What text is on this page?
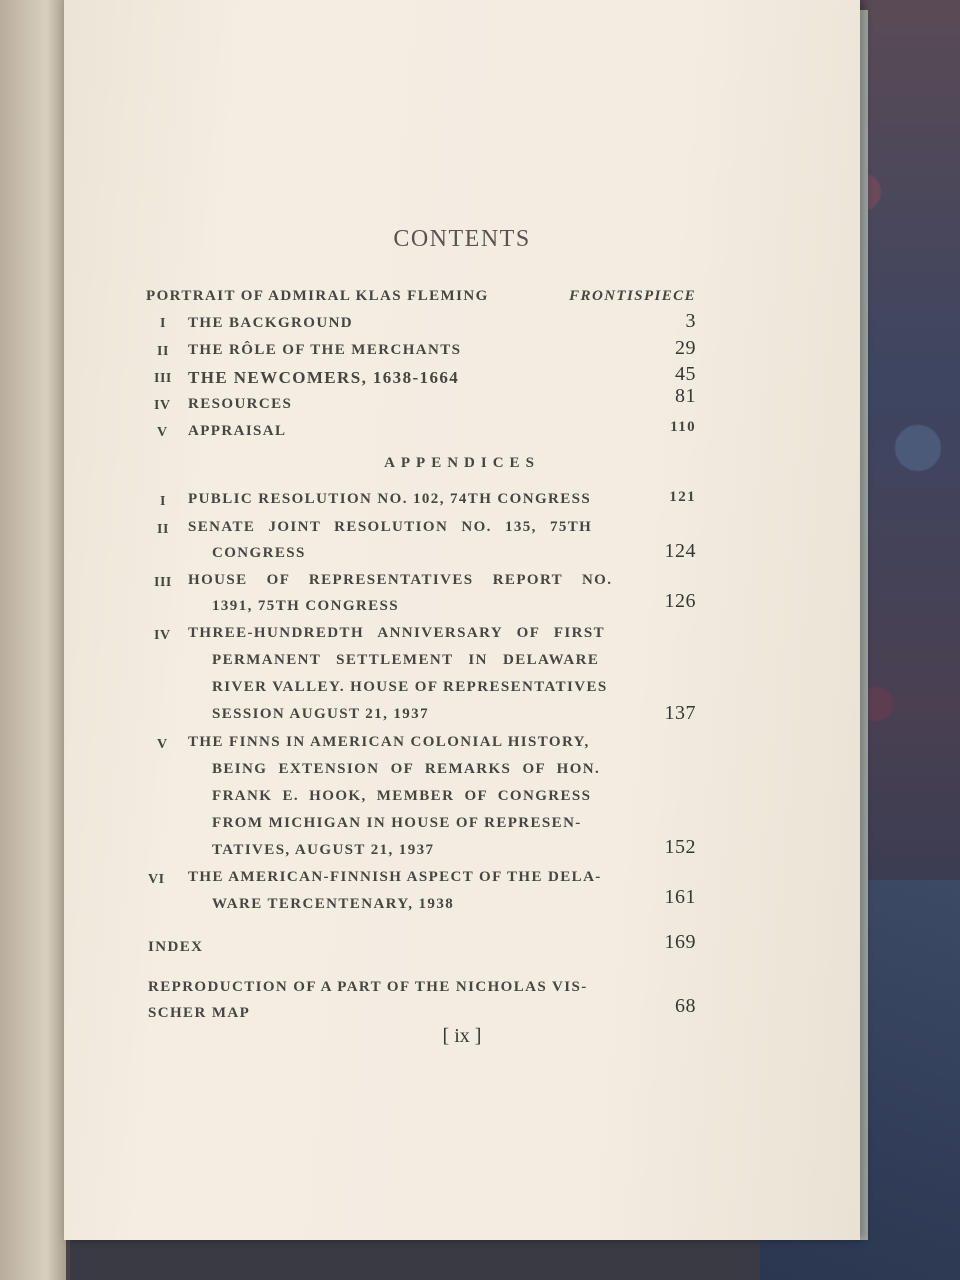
CONTENTS
PORTRAIT OF ADMIRAL KLAS FLEMING	FRONTISPIECE
I THE BACKGROUND	3
II THE RÔLE OF THE MERCHANTS	29
III THE NEWCOMERS, 1638-1664	45
IV RESOURCES	81
V APPRAISAL	110
APPENDICES
I PUBLIC RESOLUTION NO. 102, 74TH CONGRESS	121
II SENATE JOINT RESOLUTION NO. 135, 75TH
CONGRESS	124
III HOUSE OF REPRESENTATIVES REPORT NO.
1391, 75TH CONGRESS	126
IV THREE-HUNDREDTH ANNIVERSARY OF FIRST
PERMANENT SETTLEMENT IN DELAWARE
RIVER VALLEY. HOUSE OF REPRESENTATIVES
SESSION AUGUST 21, 1937	137
V THE FINNS IN AMERICAN COLONIAL HISTORY,
BEING EXTENSION OF REMARKS OF HON.
FRANK E. HOOK, MEMBER OF CONGRESS
FROM MICHIGAN IN HOUSE OF REPRESEN-
TATIVES, AUGUST 21, 1937	152
VI THE AMERICAN-FINNISH ASPECT OF THE DELA-
WARE TERCENTENARY, 1938	161
INDEX	169
REPRODUCTION OF A PART OF THE NICHOLAS VIS-
SCHER MAP	68
[ ix ]
